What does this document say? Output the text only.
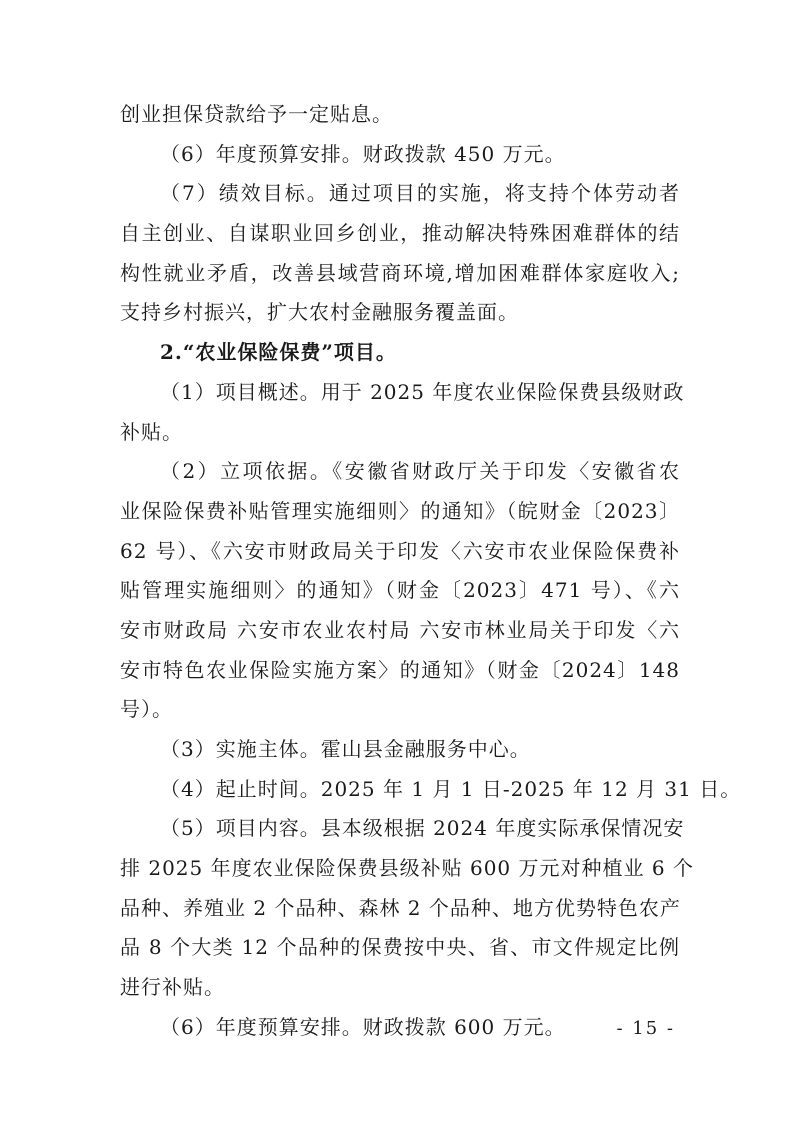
创业担保贷款给予一定贴息。
（6）年度预算安排。财政拨款 450 万元。
（7）绩效目标。通过项目的实施，将支持个体劳动者
自主创业、自谋职业回乡创业，推动解决特殊困难群体的结
构性就业矛盾，改善县域营商环境,增加困难群体家庭收入;
支持乡村振兴，扩大农村金融服务覆盖面。
2.“农业保险保费”项目。
（1）项目概述。用于 2025 年度农业保险保费县级财政
补贴。
（2）立项依据。《安徽省财政厅关于印发〈安徽省农
业保险保费补贴管理实施细则〉的通知》（皖财金〔2023〕
62 号）、《六安市财政局关于印发〈六安市农业保险保费补
贴管理实施细则〉的通知》（财金〔2023〕471 号）、《六
安市财政局 六安市农业农村局 六安市林业局关于印发〈六
安市特色农业保险实施方案〉的通知》（财金〔2024〕148
号）。
（3）实施主体。霍山县金融服务中心。
（4）起止时间。2025 年 1 月 1 日-2025 年 12 月 31 日。
（5）项目内容。县本级根据 2024 年度实际承保情况安
排 2025 年度农业保险保费县级补贴 600 万元对种植业 6 个
品种、养殖业 2 个品种、森林 2 个品种、地方优势特色农产
品 8 个大类 12 个品种的保费按中央、省、市文件规定比例
进行补贴。
（6）年度预算安排。财政拨款 600 万元。	- 15 -
